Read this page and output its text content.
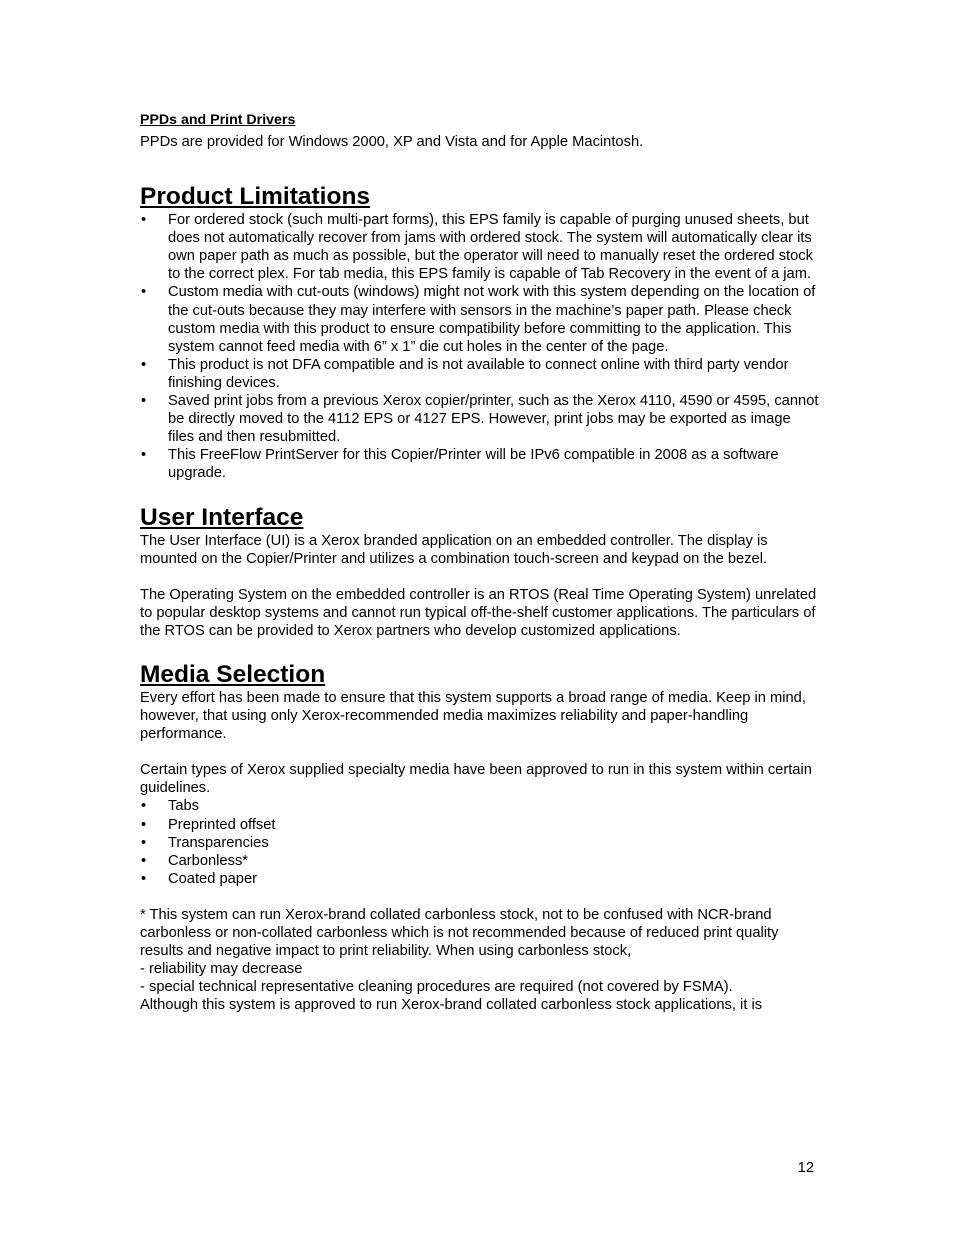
PPDs and Print Drivers

PPDs are provided for Windows 2000, XP and Vista and for Apple Macintosh.

Product Limitations
• For ordered stock (such multi-part forms), this EPS family is capable of purging unused sheets, but does not automatically recover from jams with ordered stock. The system will automatically clear its own paper path as much as possible, but the operator will need to manually reset the ordered stock to the correct plex. For tab media, this EPS family is capable of Tab Recovery in the event of a jam.
• Custom media with cut-outs (windows) might not work with this system depending on the location of the cut-outs because they may interfere with sensors in the machine’s paper path. Please check custom media with this product to ensure compatibility before committing to the application. This system cannot feed media with 6” x 1” die cut holes in the center of the page.
• This product is not DFA compatible and is not available to connect online with third party vendor finishing devices.
• Saved print jobs from a previous Xerox copier/printer, such as the Xerox 4110, 4590 or 4595, cannot be directly moved to the 4112 EPS or 4127 EPS. However, print jobs may be exported as image files and then resubmitted.
• This FreeFlow PrintServer for this Copier/Printer will be IPv6 compatible in 2008 as a software upgrade.
User Interface

The User Interface (UI) is a Xerox branded application on an embedded controller. The display is mounted on the Copier/Printer and utilizes a combination touch-screen and keypad on the bezel.

The Operating System on the embedded controller is an RTOS (Real Time Operating System) unrelated to popular desktop systems and cannot run typical off-the-shelf customer applications. The particulars of the RTOS can be provided to Xerox partners who develop customized applications.

Media Selection

Every effort has been made to ensure that this system supports a broad range of media. Keep in mind, however, that using only Xerox-recommended media maximizes reliability and paper-handling performance.

Certain types of Xerox supplied specialty media have been approved to run in this system within certain guidelines.

• Tabs
• Preprinted offset
• Transparencies
• Carbonless*
• Coated paper

* This system can run Xerox-brand collated carbonless stock, not to be confused with NCR-brand carbonless or non-collated carbonless which is not recommended because of reduced print quality results and negative impact to print reliability. When using carbonless stock,

- reliability may decrease

- special technical representative cleaning procedures are required (not covered by FSMA).

Although this system is approved to run Xerox-brand collated carbonless stock applications, it is

12
